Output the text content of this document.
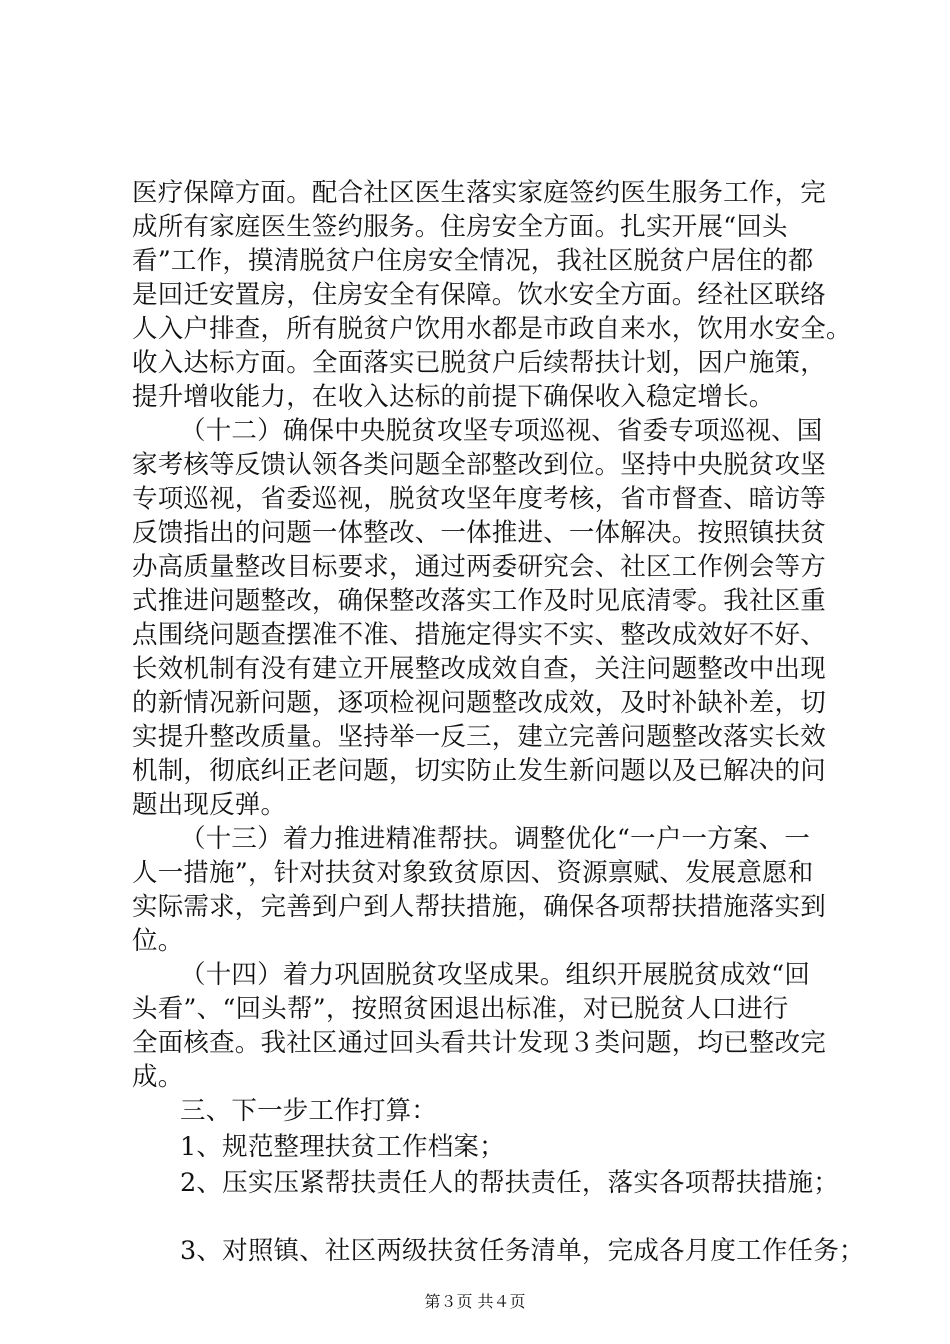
医疗保障方面。配合社区医生落实家庭签约医生服务工作，完
成所有家庭医生签约服务。住房安全方面。扎实开展“回头
看”工作，摸清脱贫户住房安全情况，我社区脱贫户居住的都
是回迁安置房，住房安全有保障。饮水安全方面。经社区联络
人入户排查，所有脱贫户饮用水都是市政自来水，饮用水安全。
收入达标方面。全面落实已脱贫户后续帮扶计划，因户施策，
提升增收能力，在收入达标的前提下确保收入稳定增长。
（十二）确保中央脱贫攻坚专项巡视、省委专项巡视、国
家考核等反馈认领各类问题全部整改到位。坚持中央脱贫攻坚
专项巡视，省委巡视，脱贫攻坚年度考核，省市督查、暗访等
反馈指出的问题一体整改、一体推进、一体解决。按照镇扶贫
办高质量整改目标要求，通过两委研究会、社区工作例会等方
式推进问题整改，确保整改落实工作及时见底清零。我社区重
点围绕问题查摆准不准、措施定得实不实、整改成效好不好、
长效机制有没有建立开展整改成效自查，关注问题整改中出现
的新情况新问题，逐项检视问题整改成效，及时补缺补差，切
实提升整改质量。坚持举一反三，建立完善问题整改落实长效
机制，彻底纠正老问题，切实防止发生新问题以及已解决的问
题出现反弹。
（十三）着力推进精准帮扶。调整优化“一户一方案、一
人一措施”，针对扶贫对象致贫原因、资源禀赋、发展意愿和
实际需求，完善到户到人帮扶措施，确保各项帮扶措施落实到
位。
（十四）着力巩固脱贫攻坚成果。组织开展脱贫成效“回
头看”、“回头帮”，按照贫困退出标准，对已脱贫人口进行
全面核查。我社区通过回头看共计发现３类问题，均已整改完
成。
三、下一步工作打算：
1、规范整理扶贫工作档案；
2、压实压紧帮扶责任人的帮扶责任，落实各项帮扶措施；
3、对照镇、社区两级扶贫任务清单，完成各月度工作任务；
第３页 共４页
